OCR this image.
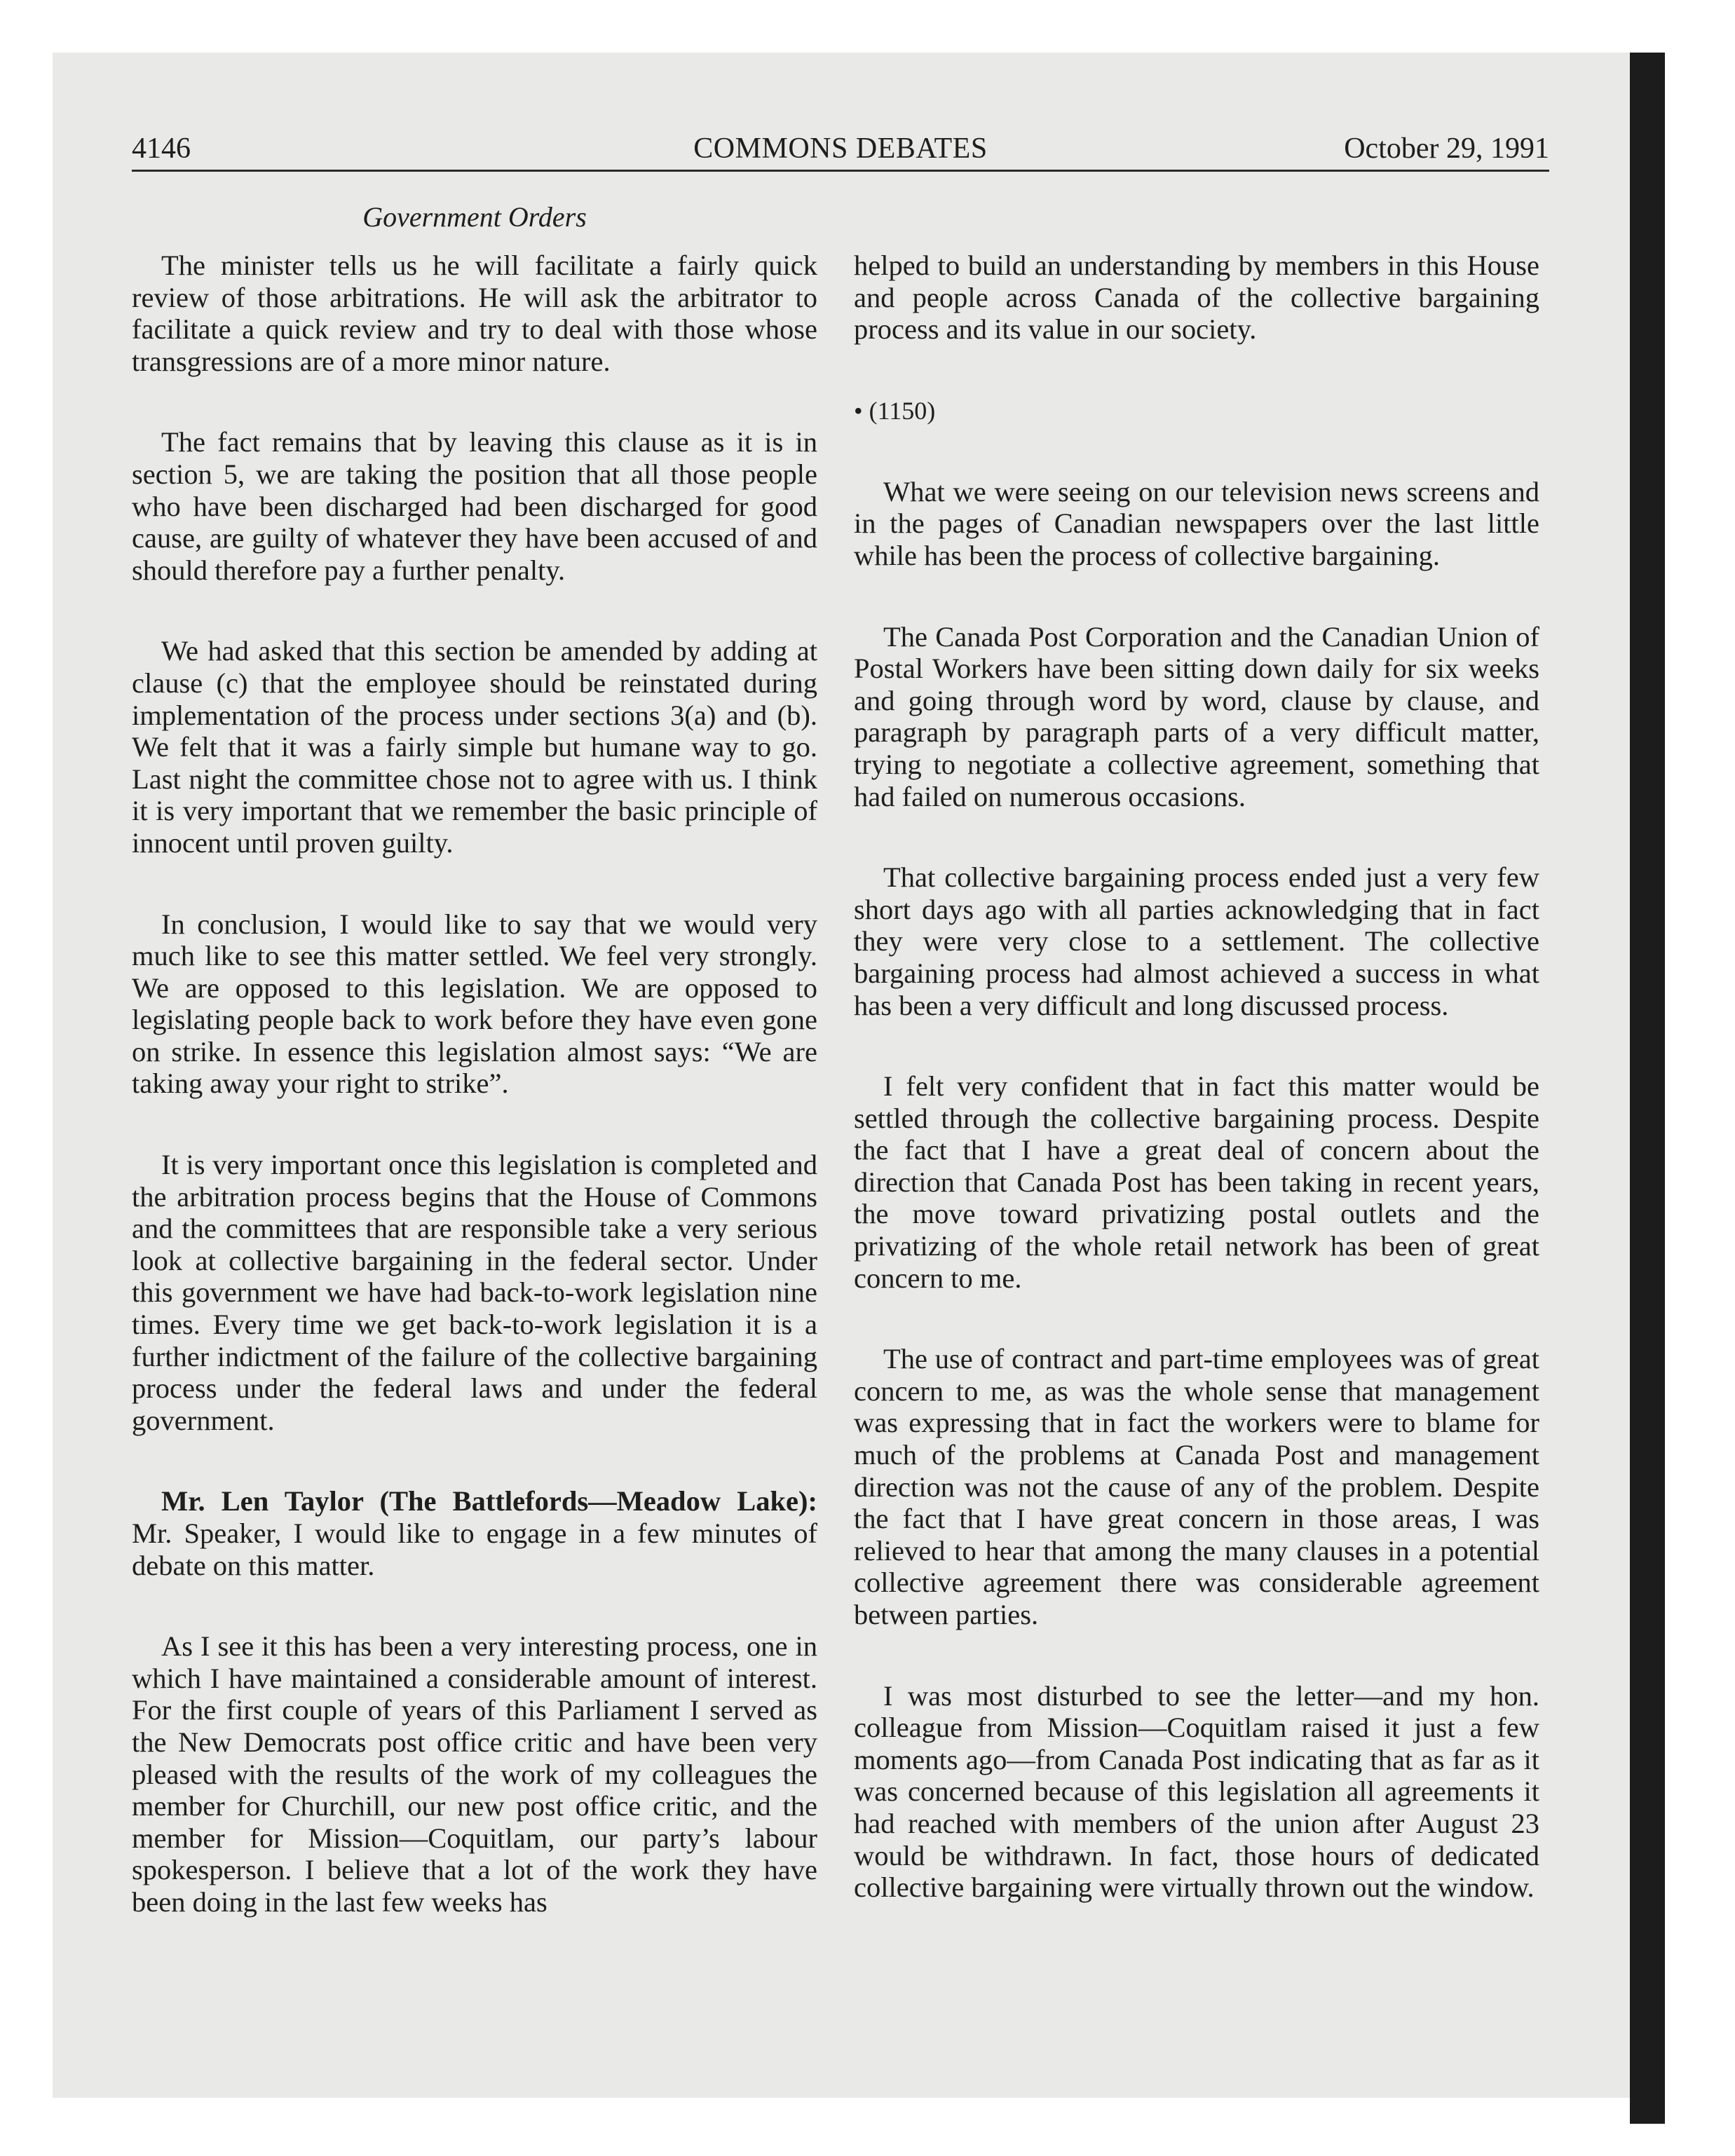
4146	COMMONS DEBATES	October 29, 1991
Government Orders

The minister tells us he will facilitate a fairly quick review of those arbitrations. He will ask the arbitrator to facilitate a quick review and try to deal with those whose transgressions are of a more minor nature.

The fact remains that by leaving this clause as it is in section 5, we are taking the position that all those people who have been discharged had been discharged for good cause, are guilty of whatever they have been accused of and should therefore pay a further penalty.

We had asked that this section be amended by adding at clause (c) that the employee should be reinstated during implementation of the process under sections 3(a) and (b). We felt that it was a fairly simple but humane way to go. Last night the committee chose not to agree with us. I think it is very important that we remember the basic principle of innocent until proven guilty.

In conclusion, I would like to say that we would very much like to see this matter settled. We feel very strongly. We are opposed to this legislation. We are opposed to legislating people back to work before they have even gone on strike. In essence this legislation almost says: “We are taking away your right to strike”.

It is very important once this legislation is completed and the arbitration process begins that the House of Commons and the committees that are responsible take a very serious look at collective bargaining in the federal sector. Under this government we have had back-to-work legislation nine times. Every time we get back-to-work legislation it is a further indictment of the failure of the collective bargaining process under the federal laws and under the federal government.

Mr. Len Taylor (The Battlefords—Meadow Lake): Mr. Speaker, I would like to engage in a few minutes of debate on this matter.

As I see it this has been a very interesting process, one in which I have maintained a considerable amount of interest. For the first couple of years of this Parliament I served as the New Democrats post office critic and have been very pleased with the results of the work of my colleagues the member for Churchill, our new post office critic, and the member for Mission—Coquitlam, our party’s labour spokesperson. I believe that a lot of the work they have been doing in the last few weeks has

helped to build an understanding by members in this House and people across Canada of the collective bargaining process and its value in our society.

• (1150)

What we were seeing on our television news screens and in the pages of Canadian newspapers over the last little while has been the process of collective bargaining.

The Canada Post Corporation and the Canadian Union of Postal Workers have been sitting down daily for six weeks and going through word by word, clause by clause, and paragraph by paragraph parts of a very difficult matter, trying to negotiate a collective agreement, something that had failed on numerous occasions.

That collective bargaining process ended just a very few short days ago with all parties acknowledging that in fact they were very close to a settlement. The collective bargaining process had almost achieved a success in what has been a very difficult and long discussed process.

I felt very confident that in fact this matter would be settled through the collective bargaining process. Despite the fact that I have a great deal of concern about the direction that Canada Post has been taking in recent years, the move toward privatizing postal outlets and the privatizing of the whole retail network has been of great concern to me.

The use of contract and part-time employees was of great concern to me, as was the whole sense that management was expressing that in fact the workers were to blame for much of the problems at Canada Post and management direction was not the cause of any of the problem. Despite the fact that I have great concern in those areas, I was relieved to hear that among the many clauses in a potential collective agreement there was considerable agreement between parties.

I was most disturbed to see the letter—and my hon. colleague from Mission—Coquitlam raised it just a few moments ago—from Canada Post indicating that as far as it was concerned because of this legislation all agreements it had reached with members of the union after August 23 would be withdrawn. In fact, those hours of dedicated collective bargaining were virtually thrown out the window.
